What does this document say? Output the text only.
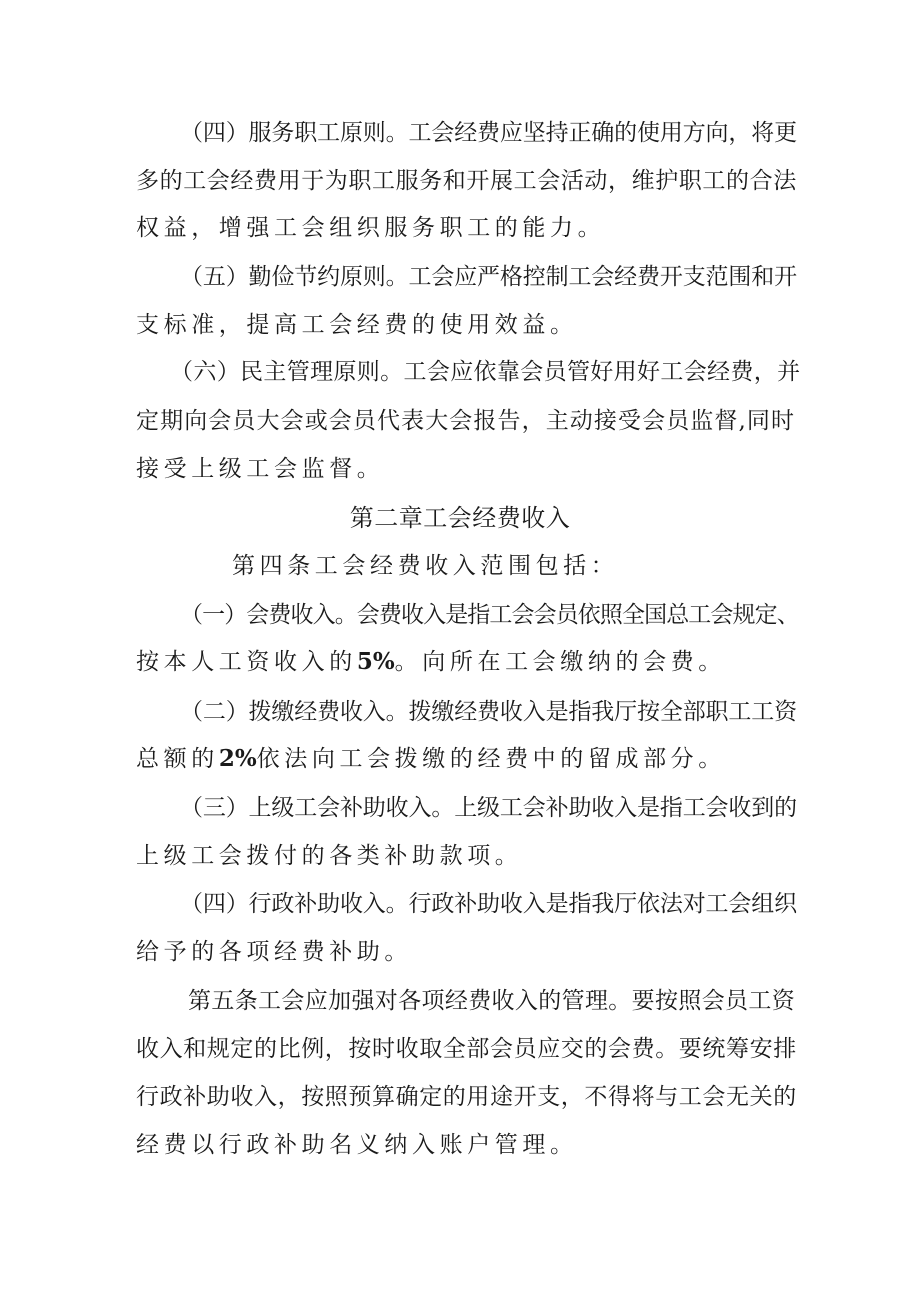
（四）服务职工原则。工会经费应坚持正确的使用方向，将更
多的工会经费用于为职工服务和开展工会活动，维护职工的合法
权益，增强工会组织服务职工的能力。
（五）勤俭节约原则。工会应严格控制工会经费开支范围和开
支标准，提高工会经费的使用效益。
（六）民主管理原则。工会应依靠会员管好用好工会经费，并
定期向会员大会或会员代表大会报告，主动接受会员监督,同时
接受上级工会监督。
第二章工会经费收入
第四条工会经费收入范围包括：
（一）会费收入。会费收入是指工会会员依照全国总工会规定、
按本人工资收入的5%。向所在工会缴纳的会费。
（二）拨缴经费收入。拨缴经费收入是指我厅按全部职工工资
总额的2%依法向工会拨缴的经费中的留成部分。
（三）上级工会补助收入。上级工会补助收入是指工会收到的
上级工会拨付的各类补助款项。
（四）行政补助收入。行政补助收入是指我厅依法对工会组织
给予的各项经费补助。
第五条工会应加强对各项经费收入的管理。要按照会员工资
收入和规定的比例，按时收取全部会员应交的会费。要统筹安排
行政补助收入，按照预算确定的用途开支，不得将与工会无关的
经费以行政补助名义纳入账户管理。
